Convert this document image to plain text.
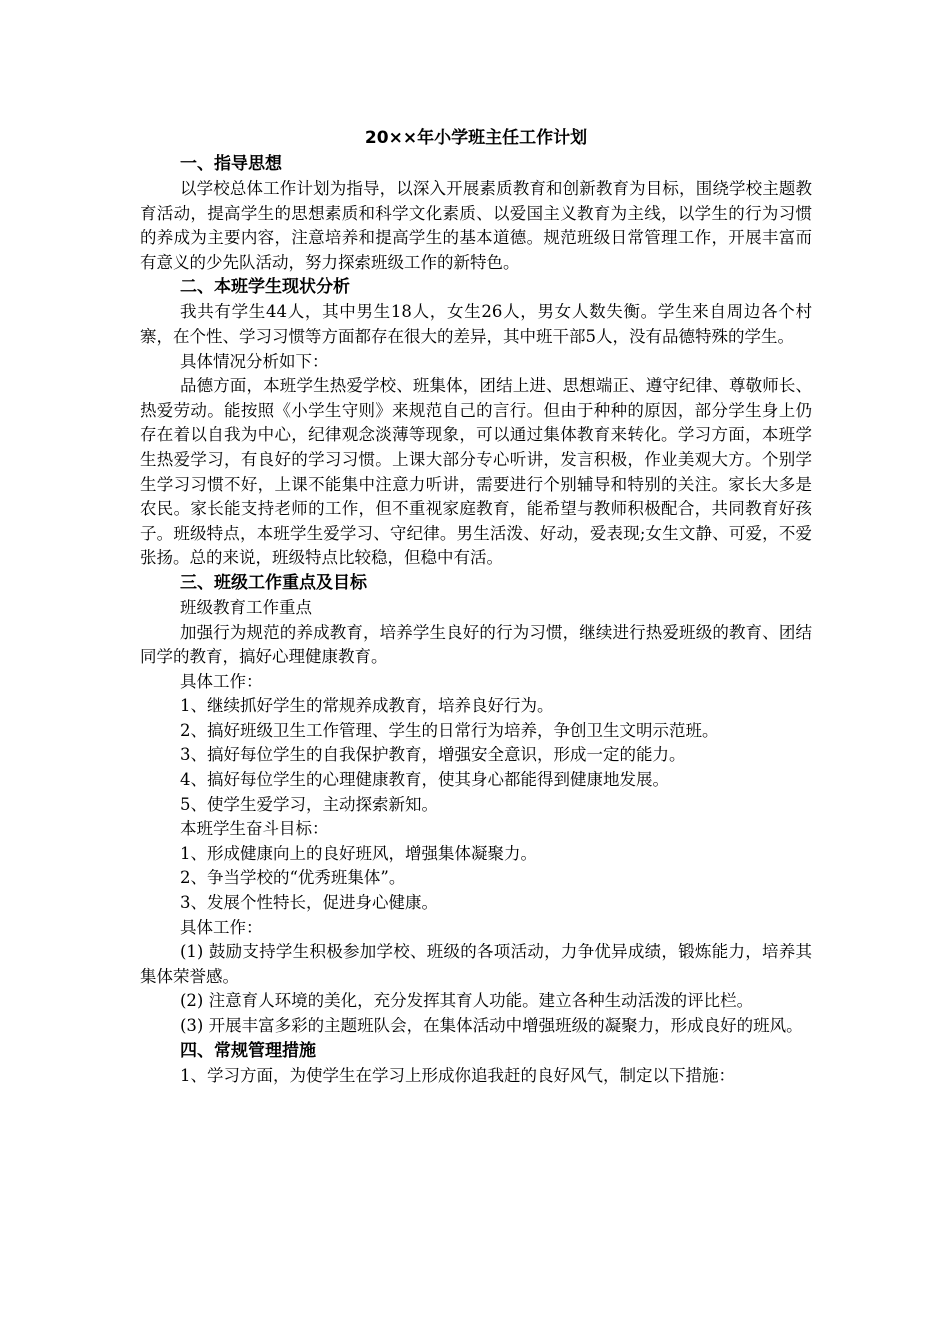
20××年小学班主任工作计划
一、指导思想

以学校总体工作计划为指导，以深入开展素质教育和创新教育为目标，围绕学校主题教育活动，提高学生的思想素质和科学文化素质、以爱国主义教育为主线，以学生的行为习惯的养成为主要内容，注意培养和提高学生的基本道德。规范班级日常管理工作，开展丰富而有意义的少先队活动，努力探索班级工作的新特色。

二、本班学生现状分析

我共有学生44人，其中男生18人，女生26人，男女人数失衡。学生来自周边各个村寨，在个性、学习习惯等方面都存在很大的差异，其中班干部5人，没有品德特殊的学生。

具体情况分析如下：

品德方面，本班学生热爱学校、班集体，团结上进、思想端正、遵守纪律、尊敬师长、热爱劳动。能按照《小学生守则》来规范自己的言行。但由于种种的原因，部分学生身上仍存在着以自我为中心，纪律观念淡薄等现象，可以通过集体教育来转化。学习方面，本班学生热爱学习，有良好的学习习惯。上课大部分专心听讲，发言积极，作业美观大方。个别学生学习习惯不好，上课不能集中注意力听讲，需要进行个别辅导和特别的关注。家长大多是农民。家长能支持老师的工作，但不重视家庭教育，能希望与教师积极配合，共同教育好孩子。班级特点，本班学生爱学习、守纪律。男生活泼、好动，爱表现;女生文静、可爱，不爱张扬。总的来说，班级特点比较稳，但稳中有活。

三、班级工作重点及目标

班级教育工作重点

加强行为规范的养成教育，培养学生良好的行为习惯，继续进行热爱班级的教育、团结同学的教育，搞好心理健康教育。

具体工作：

1、继续抓好学生的常规养成教育，培养良好行为。

2、搞好班级卫生工作管理、学生的日常行为培养，争创卫生文明示范班。

3、搞好每位学生的自我保护教育，增强安全意识，形成一定的能力。

4、搞好每位学生的心理健康教育，使其身心都能得到健康地发展。

5、使学生爱学习，主动探索新知。

本班学生奋斗目标：

1、形成健康向上的良好班风，增强集体凝聚力。

2、争当学校的“优秀班集体”。

3、发展个性特长，促进身心健康。

具体工作：

(1) 鼓励支持学生积极参加学校、班级的各项活动，力争优异成绩，锻炼能力，培养其集体荣誉感。

(2) 注意育人环境的美化，充分发挥其育人功能。建立各种生动活泼的评比栏。

(3) 开展丰富多彩的主题班队会，在集体活动中增强班级的凝聚力，形成良好的班风。

四、常规管理措施

1、学习方面，为使学生在学习上形成你追我赶的良好风气，制定以下措施：
